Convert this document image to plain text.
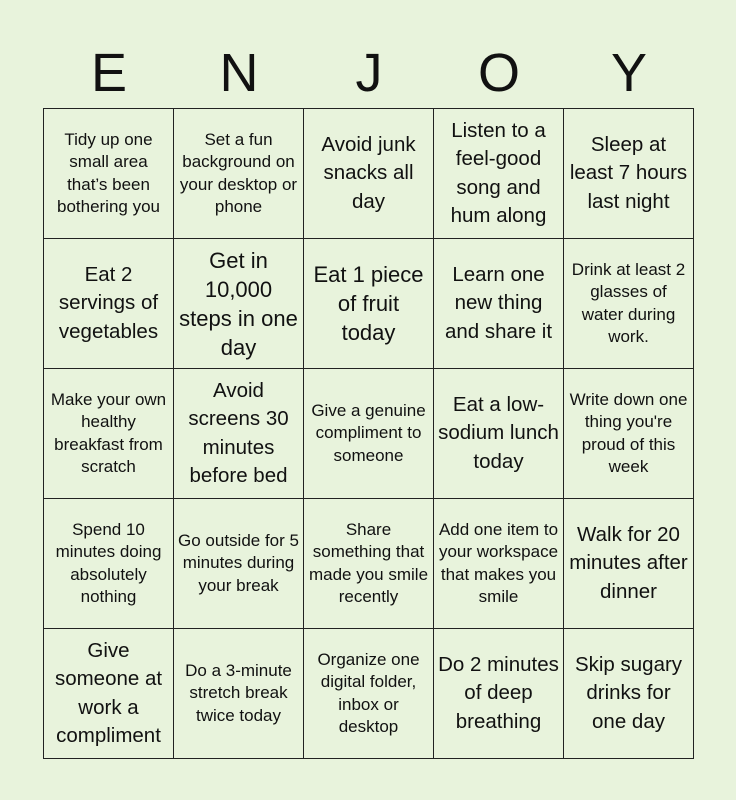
E	N	J	O	Y
Tidy up one small area that’s been bothering you
Set a fun background on your desktop or phone
Avoid junk snacks all day
Listen to a feel-good song and hum along
Sleep at least 7 hours last night
Eat 2 servings of vegetables
Get in 10,000 steps in one day
Eat 1 piece of fruit today
Learn one new thing and share it
Drink at least 2 glasses of water during work.
Make your own healthy breakfast from scratch
Avoid screens 30 minutes before bed
Give a genuine compliment to someone
Eat a low-sodium lunch today
Write down one thing you're proud of this week
Spend 10 minutes doing absolutely nothing
Go outside for 5 minutes during your break
Share something that made you smile recently
Add one item to your workspace that makes you smile
Walk for 20 minutes after dinner
Give someone at work a compliment
Do a 3-minute stretch break twice today
Organize one digital folder, inbox or desktop
Do 2 minutes of deep breathing
Skip sugary drinks for one day
